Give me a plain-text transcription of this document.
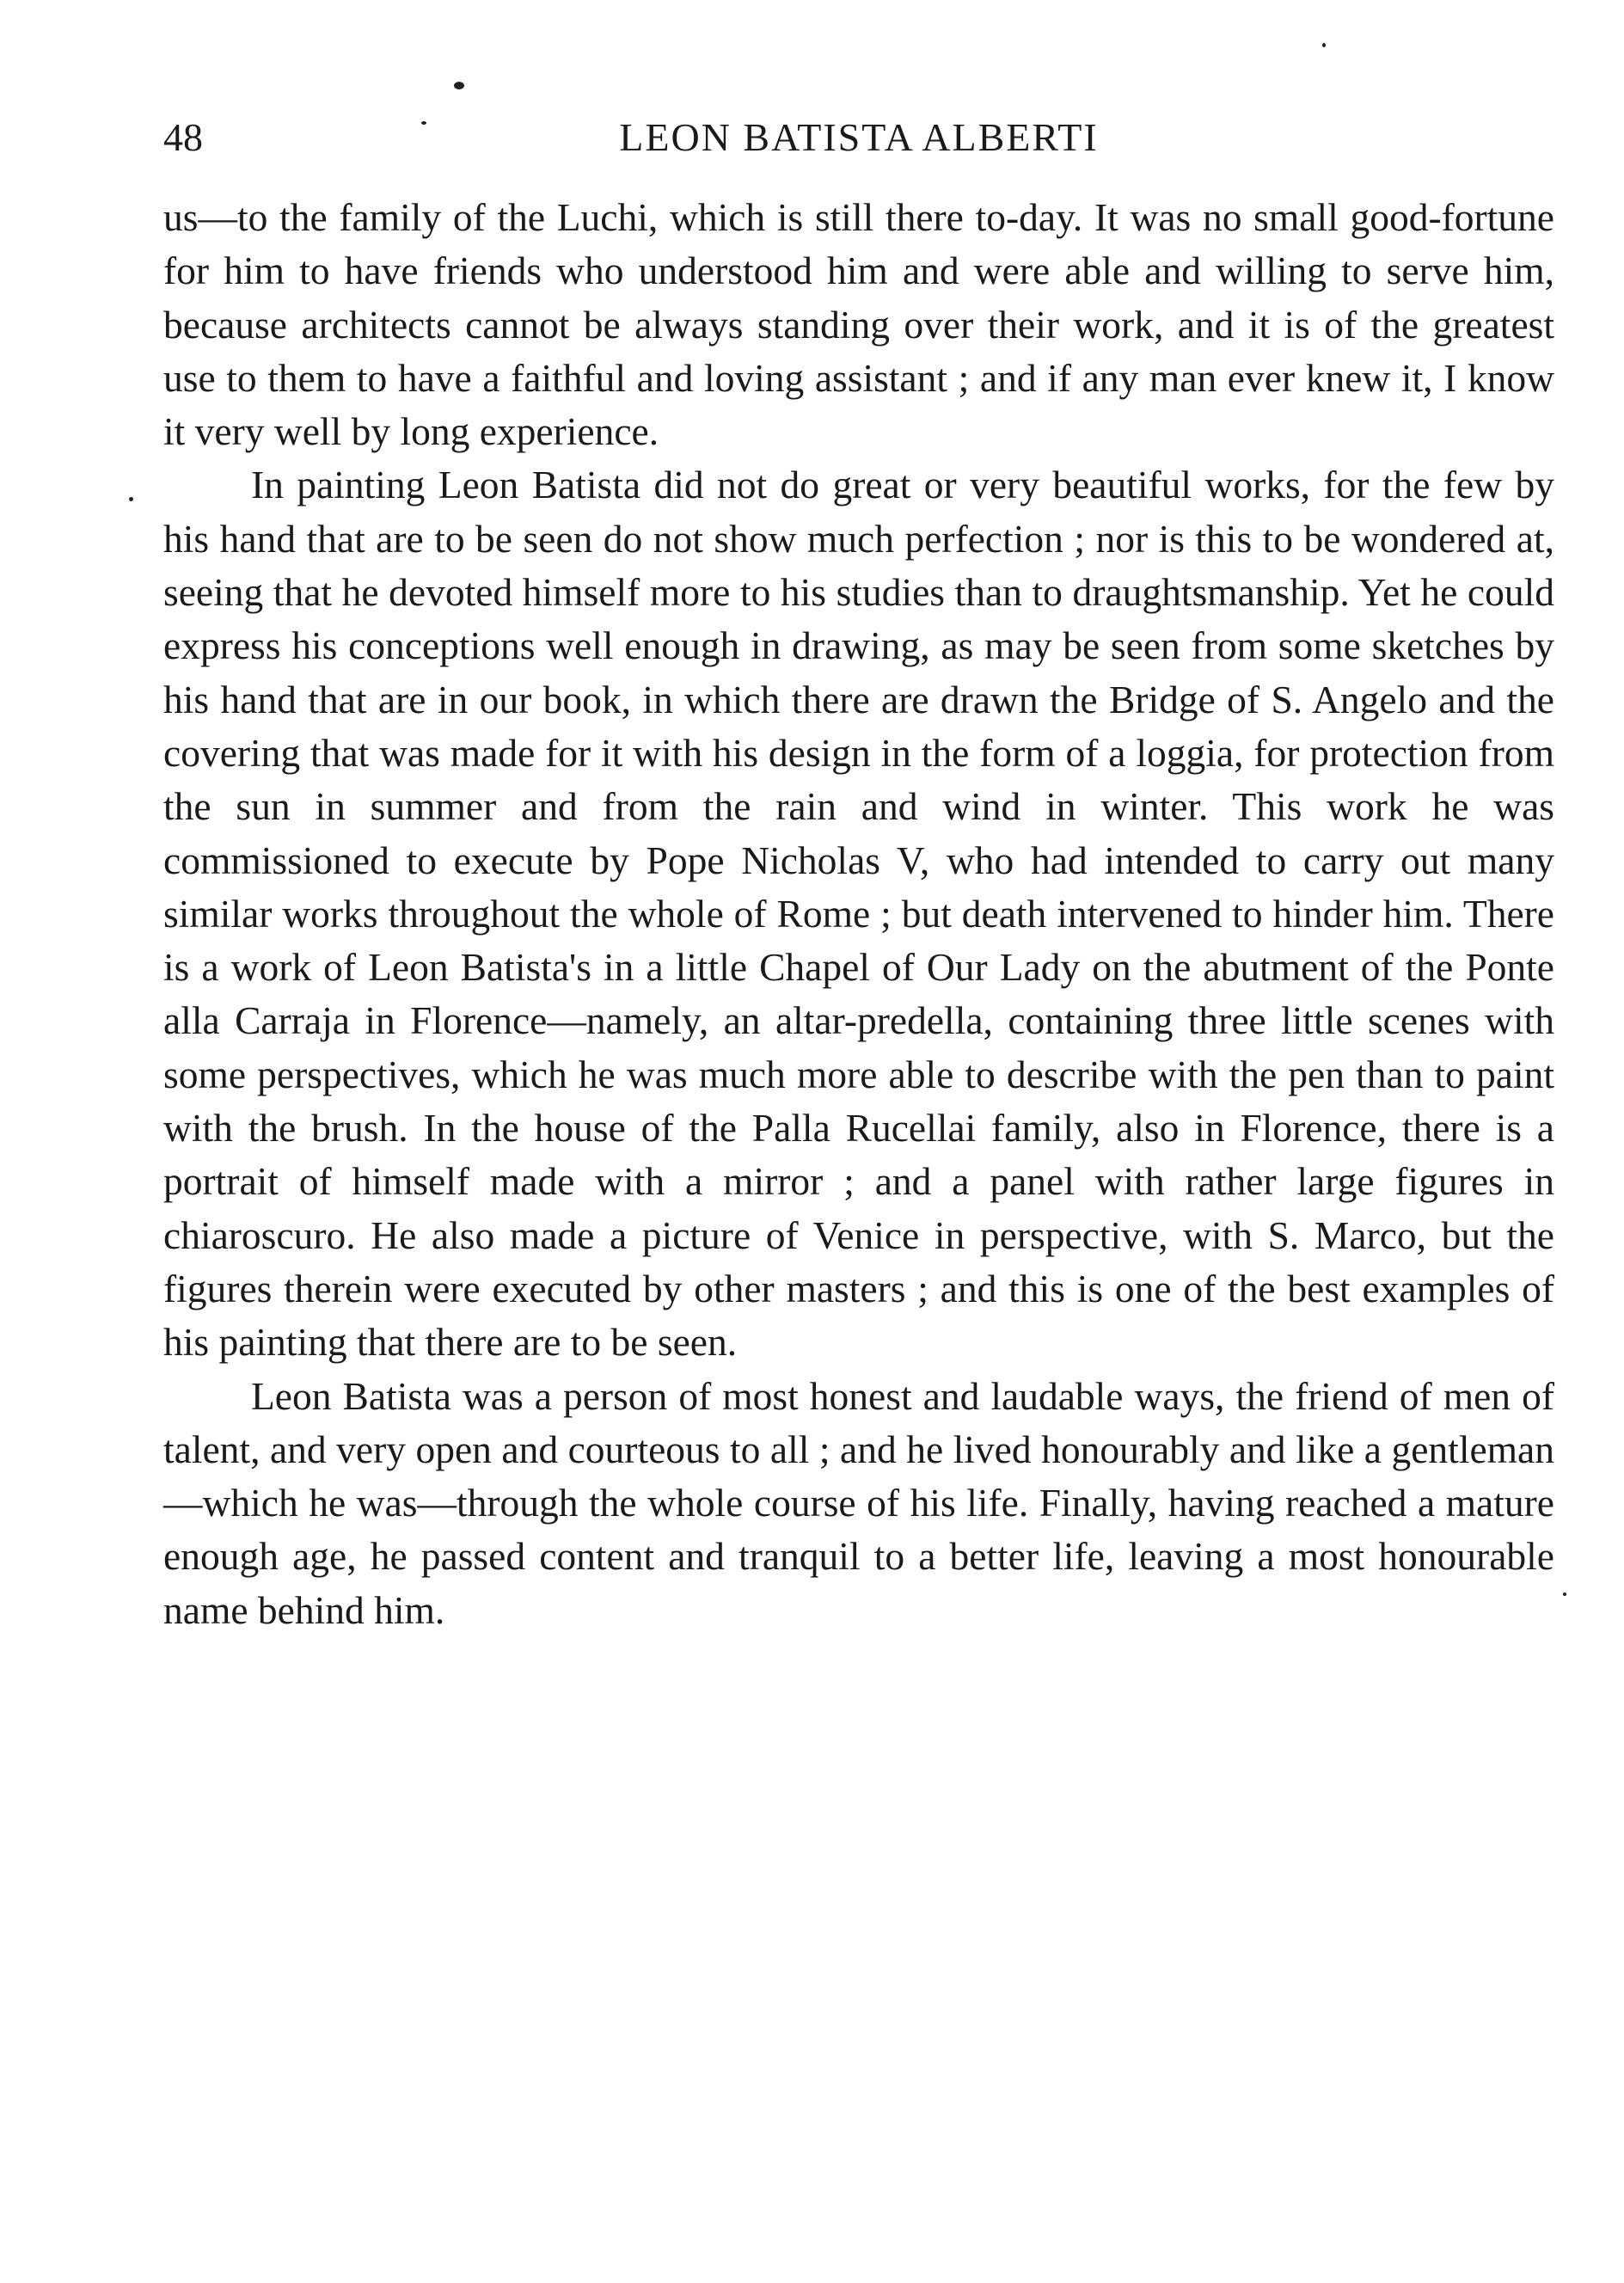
48	LEON BATISTA ALBERTI

us—to the family of the Luchi, which is still there to-day. It was no small good-fortune for him to have friends who understood him and were able and willing to serve him, because architects cannot be always standing over their work, and it is of the greatest use to them to have a faithful and loving assistant ; and if any man ever knew it, I know it very well by long experience.

In painting Leon Batista did not do great or very beautiful works, for the few by his hand that are to be seen do not show much perfection ; nor is this to be wondered at, seeing that he devoted himself more to his studies than to draughtsmanship. Yet he could express his conceptions well enough in drawing, as may be seen from some sketches by his hand that are in our book, in which there are drawn the Bridge of S. Angelo and the covering that was made for it with his design in the form of a loggia, for protection from the sun in summer and from the rain and wind in winter. This work he was commissioned to execute by Pope Nicholas V, who had intended to carry out many similar works throughout the whole of Rome ; but death intervened to hinder him. There is a work of Leon Batista's in a little Chapel of Our Lady on the abutment of the Ponte alla Carraja in Florence—namely, an altar-predella, containing three little scenes with some perspectives, which he was much more able to describe with the pen than to paint with the brush. In the house of the Palla Rucellai family, also in Florence, there is a portrait of himself made with a mirror ; and a panel with rather large figures in chiaroscuro. He also made a picture of Venice in perspective, with S. Marco, but the figures therein were executed by other masters ; and this is one of the best examples of his painting that there are to be seen.

Leon Batista was a person of most honest and laudable ways, the friend of men of talent, and very open and courteous to all ; and he lived honourably and like a gentleman—which he was—through the whole course of his life. Finally, having reached a mature enough age, he passed content and tranquil to a better life, leaving a most honourable name behind him.
